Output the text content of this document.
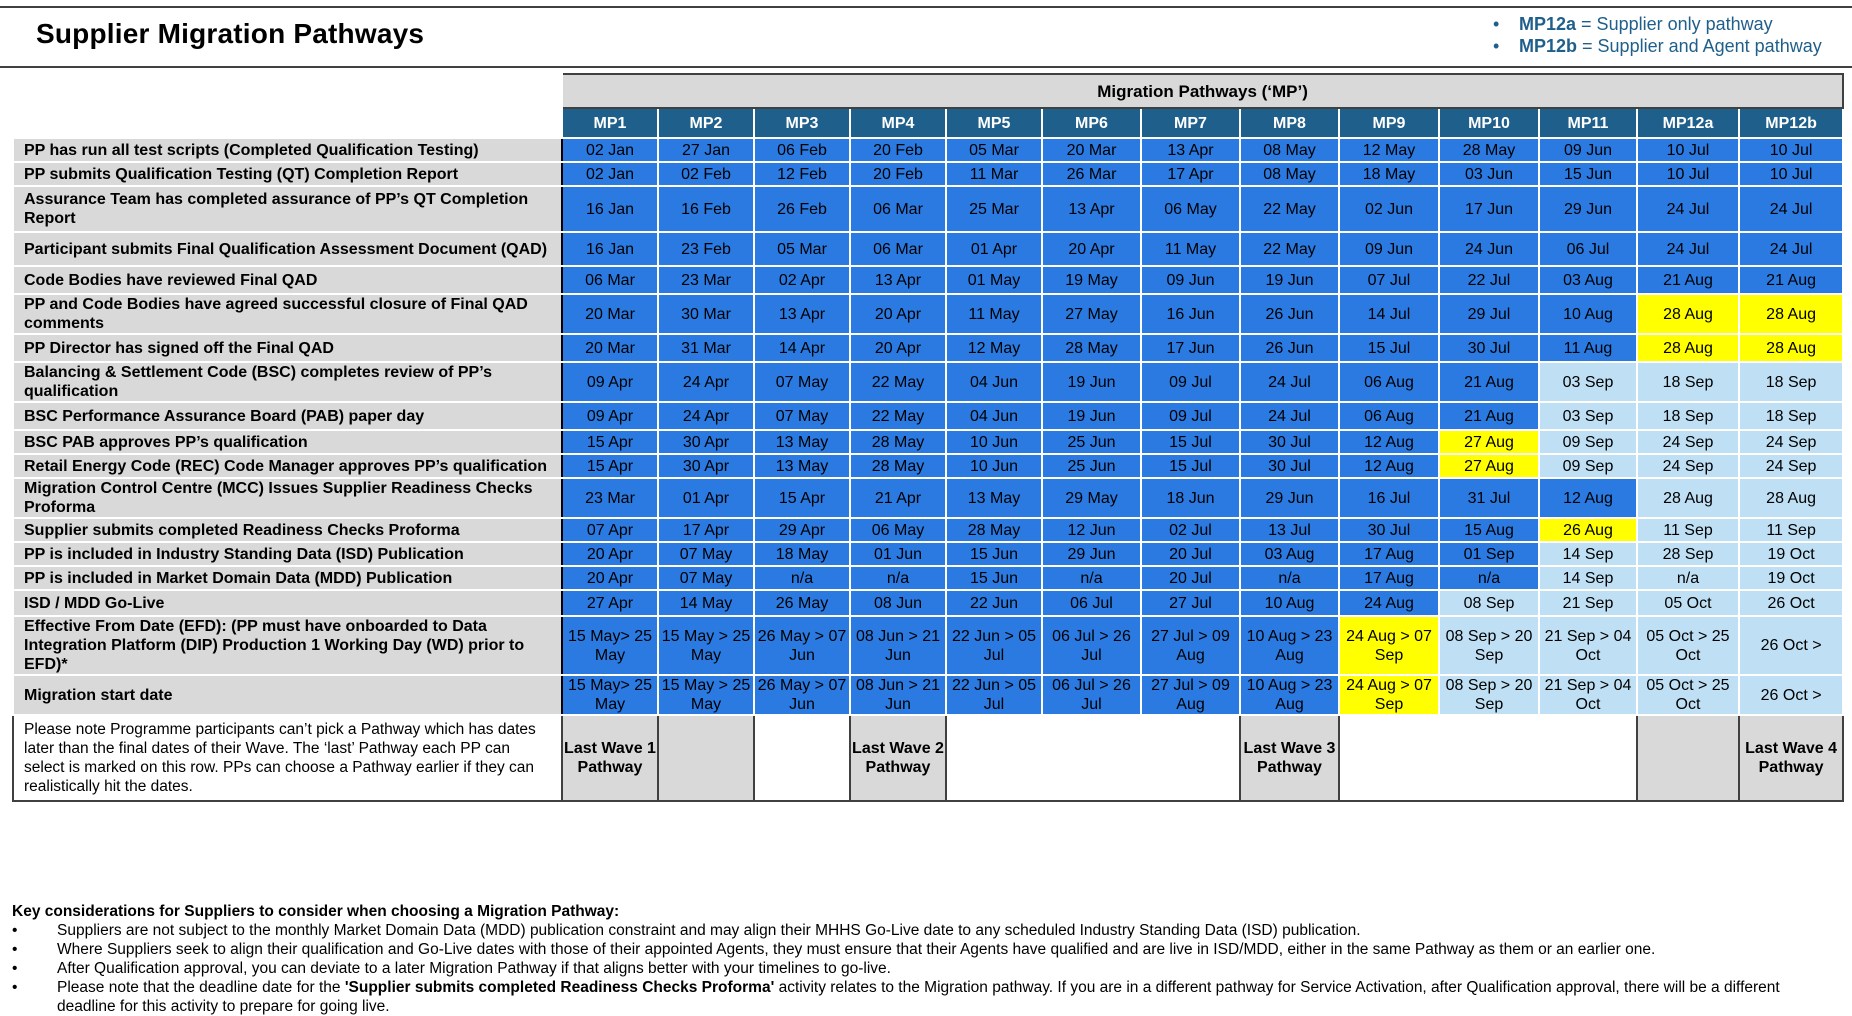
Supplier Migration Pathways	•	MP12a = Supplier only pathway
•	MP12b = Supplier and Agent pathway
	Migration Pathways (‘MP’)												
	MP1	MP2	MP3	MP4	MP5	MP6	MP7	MP8	MP9	MP10	MP11	MP12a	MP12b
PP has run all test scripts (Completed Qualification Testing)	02 Jan	27 Jan	06 Feb	20 Feb	05 Mar	20 Mar	13 Apr	08 May	12 May	28 May	09 Jun	10 Jul	10 Jul
PP submits Qualification Testing (QT) Completion Report	02 Jan	02 Feb	12 Feb	20 Feb	11 Mar	26 Mar	17 Apr	08 May	18 May	03 Jun	15 Jun	10 Jul	10 Jul
Assurance Team has completed assurance of PP’s QT Completion Report	16 Jan	16 Feb	26 Feb	06 Mar	25 Mar	13 Apr	06 May	22 May	02 Jun	17 Jun	29 Jun	24 Jul	24 Jul
Participant submits Final Qualification Assessment Document (QAD)	16 Jan	23 Feb	05 Mar	06 Mar	01 Apr	20 Apr	11 May	22 May	09 Jun	24 Jun	06 Jul	24 Jul	24 Jul
Code Bodies have reviewed Final QAD	06 Mar	23 Mar	02 Apr	13 Apr	01 May	19 May	09 Jun	19 Jun	07 Jul	22 Jul	03 Aug	21 Aug	21 Aug
PP and Code Bodies have agreed successful closure of Final QAD comments	20 Mar	30 Mar	13 Apr	20 Apr	11 May	27 May	16 Jun	26 Jun	14 Jul	29 Jul	10 Aug	28 Aug	28 Aug
PP Director has signed off the Final QAD	20 Mar	31 Mar	14 Apr	20 Apr	12 May	28 May	17 Jun	26 Jun	15 Jul	30 Jul	11 Aug	28 Aug	28 Aug
Balancing & Settlement Code (BSC) completes review of PP’s qualification	09 Apr	24 Apr	07 May	22 May	04 Jun	19 Jun	09 Jul	24 Jul	06 Aug	21 Aug	03 Sep	18 Sep	18 Sep
BSC Performance Assurance Board (PAB) paper day	09 Apr	24 Apr	07 May	22 May	04 Jun	19 Jun	09 Jul	24 Jul	06 Aug	21 Aug	03 Sep	18 Sep	18 Sep
BSC PAB approves PP’s qualification	15 Apr	30 Apr	13 May	28 May	10 Jun	25 Jun	15 Jul	30 Jul	12 Aug	27 Aug	09 Sep	24 Sep	24 Sep
Retail Energy Code (REC) Code Manager approves PP’s qualification	15 Apr	30 Apr	13 May	28 May	10 Jun	25 Jun	15 Jul	30 Jul	12 Aug	27 Aug	09 Sep	24 Sep	24 Sep
Migration Control Centre (MCC) Issues Supplier Readiness Checks Proforma	23 Mar	01 Apr	15 Apr	21 Apr	13 May	29 May	18 Jun	29 Jun	16 Jul	31 Jul	12 Aug	28 Aug	28 Aug
Supplier submits completed Readiness Checks Proforma	07 Apr	17 Apr	29 Apr	06 May	28 May	12 Jun	02 Jul	13 Jul	30 Jul	15 Aug	26 Aug	11 Sep	11 Sep
PP is included in Industry Standing Data (ISD) Publication	20 Apr	07 May	18 May	01 Jun	15 Jun	29 Jun	20 Jul	03 Aug	17 Aug	01 Sep	14 Sep	28 Sep	19 Oct
PP is included in Market Domain Data (MDD) Publication	20 Apr	07 May	n/a	n/a	15 Jun	n/a	20 Jul	n/a	17 Aug	n/a	14 Sep	n/a	19 Oct
ISD / MDD Go-Live	27 Apr	14 May	26 May	08 Jun	22 Jun	06 Jul	27 Jul	10 Aug	24 Aug	08 Sep	21 Sep	05 Oct	26 Oct
Effective From Date (EFD): (PP must have onboarded to Data Integration Platform (DIP) Production 1 Working Day (WD) prior to EFD)*	15 May> 25 May	15 May > 25 May	26 May > 07 Jun	08 Jun > 21 Jun	22 Jun > 05 Jul	06 Jul > 26 Jul	27 Jul > 09 Aug	10 Aug > 23 Aug	24 Aug > 07 Sep	08 Sep > 20 Sep	21 Sep > 04 Oct	05 Oct > 25 Oct	26 Oct >
Migration start date	15 May> 25 May	15 May > 25 May	26 May > 07 Jun	08 Jun > 21 Jun	22 Jun > 05 Jul	06 Jul > 26 Jul	27 Jul > 09 Aug	10 Aug > 23 Aug	24 Aug > 07 Sep	08 Sep > 20 Sep	21 Sep > 04 Oct	05 Oct > 25 Oct	26 Oct >
Please note Programme participants can’t pick a Pathway which has dates later than the final dates of their Wave. The ‘last’ Pathway each PP can select is marked on this row. PPs can choose a Pathway earlier if they can realistically hit the dates.	Last Wave 1 Pathway			Last Wave 2 Pathway				Last Wave 3 Pathway					Last Wave 4 Pathway
Key considerations for Suppliers to consider when choosing a Migration Pathway:
•	Suppliers are not subject to the monthly Market Domain Data (MDD) publication constraint and may align their MHHS Go-Live date to any scheduled Industry Standing Data (ISD) publication.
•	Where Suppliers seek to align their qualification and Go-Live dates with those of their appointed Agents, they must ensure that their Agents have qualified and are live in ISD/MDD, either in the same Pathway as them or an earlier one.
•	After Qualification approval, you can deviate to a later Migration Pathway if that aligns better with your timelines to go-live.
•	Please note that the deadline date for the 'Supplier submits completed Readiness Checks Proforma' activity relates to the Migration pathway. If you are in a different pathway for Service Activation, after Qualification approval, there will be a different deadline for this activity to prepare for going live.
